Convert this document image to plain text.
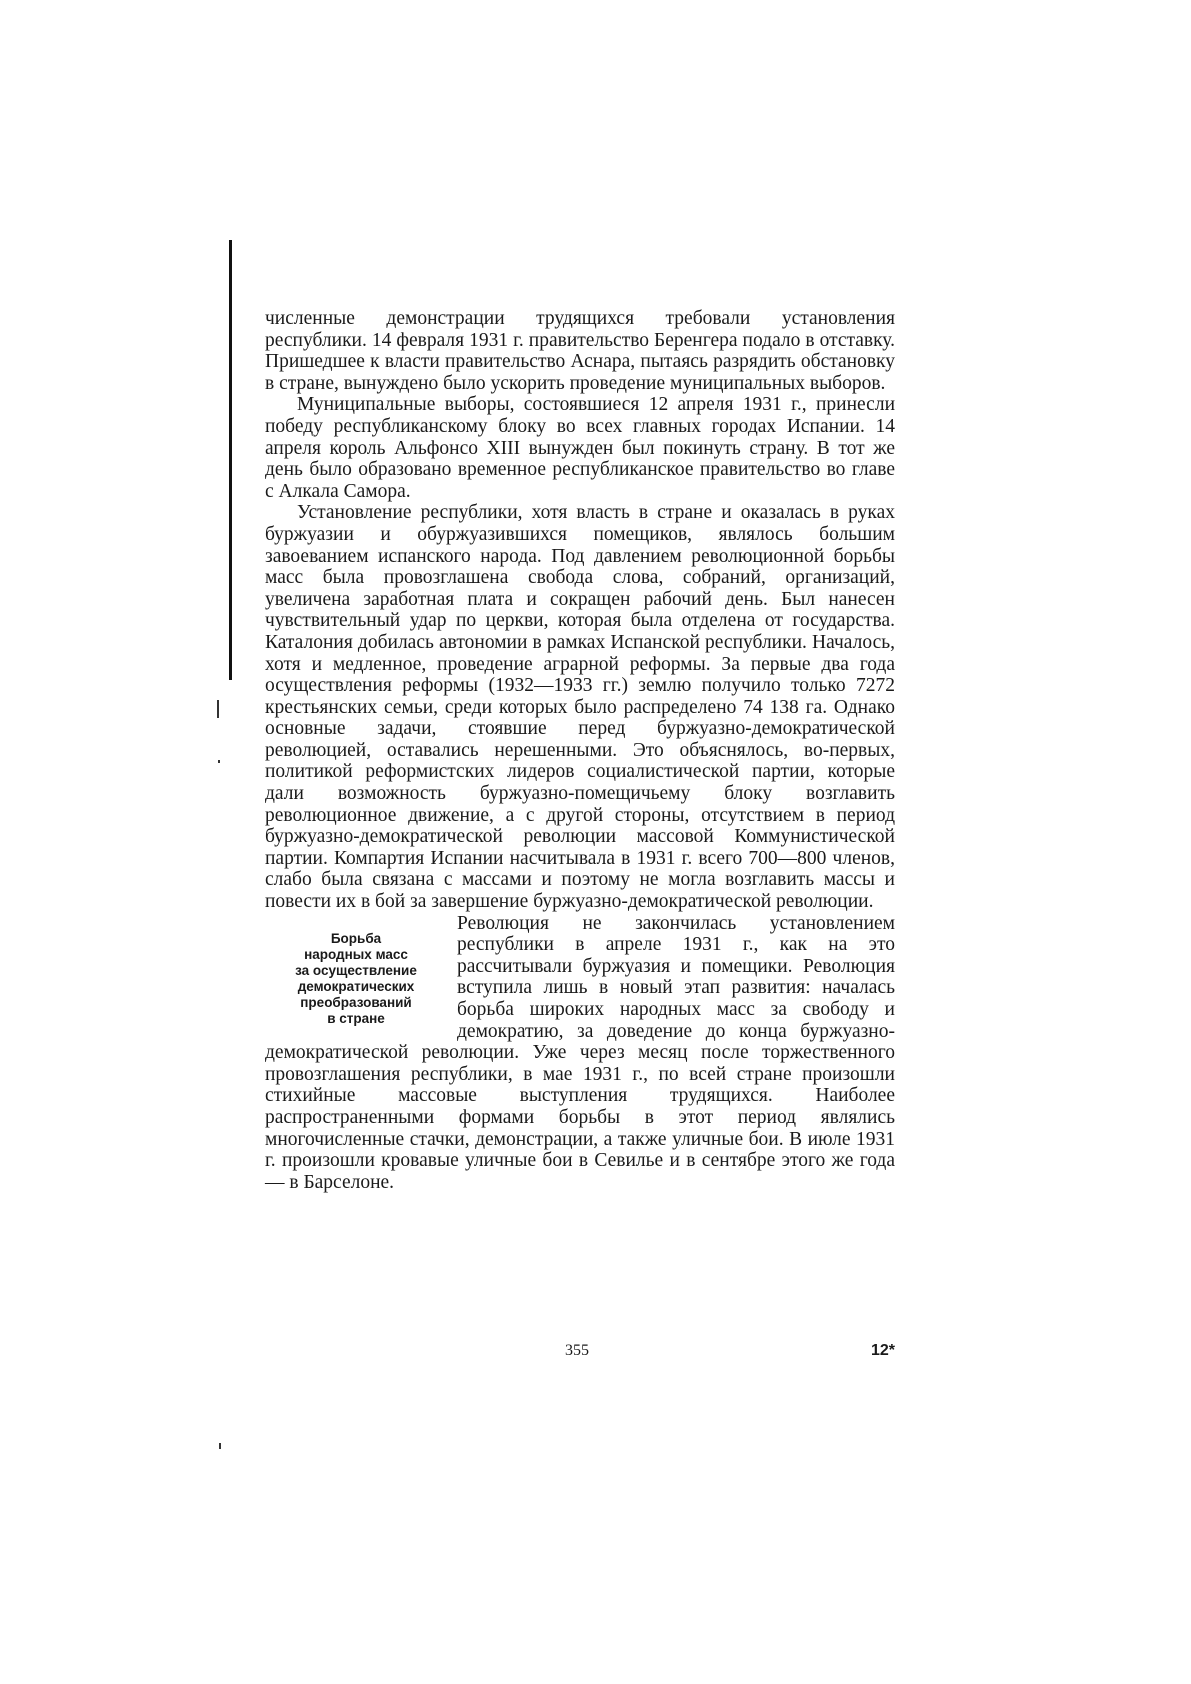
численные демонстрации трудящихся требовали установления республики. 14 февраля 1931 г. правительство Беренгера подало в отставку. Пришедшее к власти правительство Аснара, пытаясь разрядить обстановку в стране, вынуждено было ускорить проведение муниципальных выборов.

Муниципальные выборы, состоявшиеся 12 апреля 1931 г., принесли победу республиканскому блоку во всех главных городах Испании. 14 апреля король Альфонсо XIII вынужден был покинуть страну. В тот же день было образовано временное республиканское правительство во главе с Алкала Самора.

Установление республики, хотя власть в стране и оказалась в руках буржуазии и обуржуазившихся помещиков, являлось большим завоеванием испанского народа. Под давлением революционной борьбы масс была провозглашена свобода слова, собраний, организаций, увеличена заработная плата и сокращен рабочий день. Был нанесен чувствительный удар по церкви, которая была отделена от государства. Каталония добилась автономии в рамках Испанской республики. Началось, хотя и медленное, проведение аграрной реформы. За первые два года осуществления реформы (1932—1933 гг.) землю получило только 7272 крестьянских семьи, среди которых было распределено 74 138 га. Однако основные задачи, стоявшие перед буржуазно-демократической революцией, оставались нерешенными. Это объяснялось, во-первых, политикой реформистских лидеров социалистической партии, которые дали возможность буржуазно-помещичьему блоку возглавить революционное движение, а с другой стороны, отсутствием в период буржуазно-демократической революции массовой Коммунистической партии. Компартия Испании насчитывала в 1931 г. всего 700—800 членов, слабо была связана с массами и поэтому не могла возглавить массы и повести их в бой за завершение буржуазно-демократической революции.

Борьба
народных масс
за осуществление
демократических
преобразований
в стране

Революция не закончилась установлением республики в апреле 1931 г., как на это рассчитывали буржуазия и помещики. Революция вступила лишь в новый этап развития: началась борьба широких народных масс за свободу и демократию, за доведение до конца буржуазно-демократической революции. Уже через месяц после торжественного провозглашения республики, в мае 1931 г., по всей стране произошли стихийные массовые выступления трудящихся. Наиболее распространенными формами борьбы в этот период являлись многочисленные стачки, демонстрации, а также уличные бои. В июле 1931 г. произошли кровавые уличные бои в Севилье и в сентябре этого же года — в Барселоне.

355	12*
